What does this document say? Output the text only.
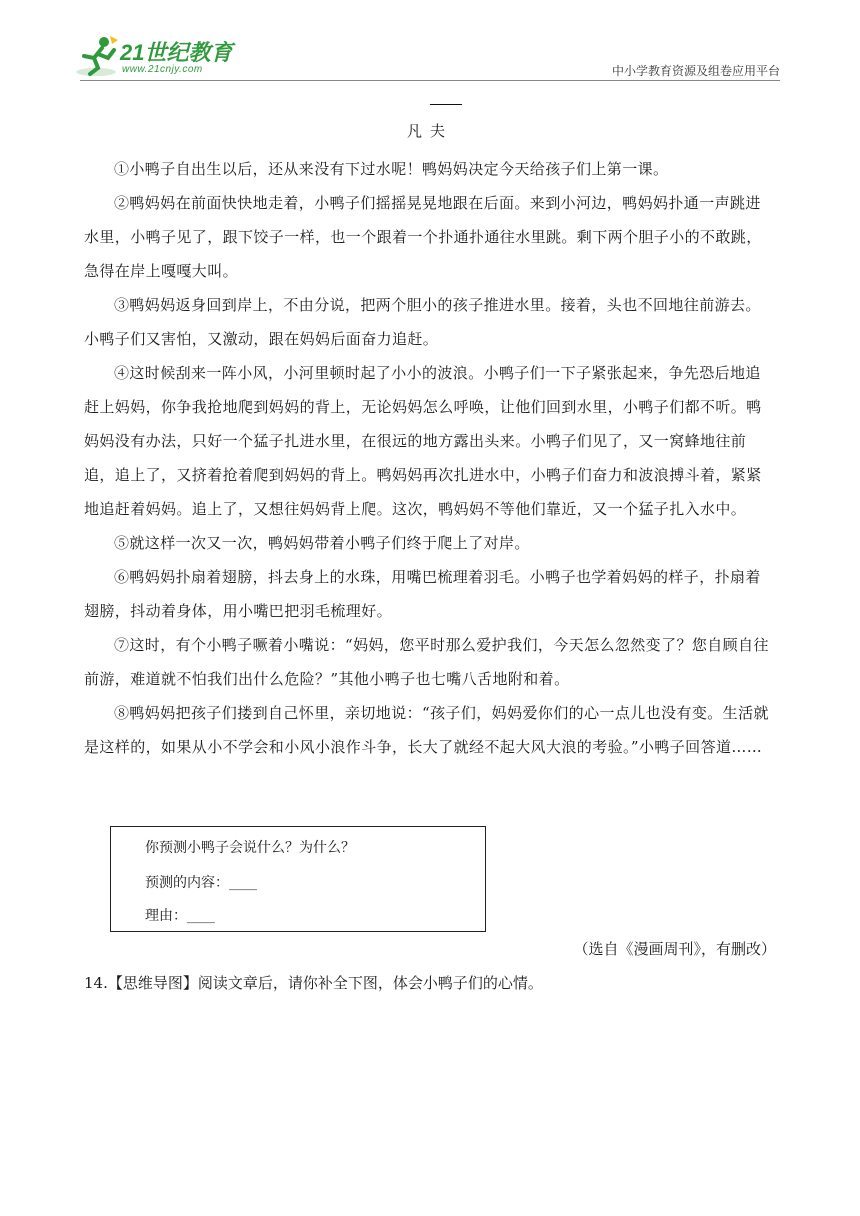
21世纪教育
www.21cnjy.com	中小学教育资源及组卷应用平台
凡夫

①小鸭子自出生以后，还从来没有下过水呢！鸭妈妈决定今天给孩子们上第一课。

②鸭妈妈在前面快快地走着，小鸭子们摇摇晃晃地跟在后面。来到小河边，鸭妈妈扑通一声跳进水里，小鸭子见了，跟下饺子一样，也一个跟着一个扑通扑通往水里跳。剩下两个胆子小的不敢跳，急得在岸上嘎嘎大叫。

③鸭妈妈返身回到岸上，不由分说，把两个胆小的孩子推进水里。接着，头也不回地往前游去。小鸭子们又害怕，又激动，跟在妈妈后面奋力追赶。

④这时候刮来一阵小风，小河里顿时起了小小的波浪。小鸭子们一下子紧张起来，争先恐后地追赶上妈妈，你争我抢地爬到妈妈的背上，无论妈妈怎么呼唤，让他们回到水里，小鸭子们都不听。鸭妈妈没有办法，只好一个猛子扎进水里，在很远的地方露出头来。小鸭子们见了，又一窝蜂地往前追，追上了，又挤着抢着爬到妈妈的背上。鸭妈妈再次扎进水中，小鸭子们奋力和波浪搏斗着，紧紧地追赶着妈妈。追上了，又想往妈妈背上爬。这次，鸭妈妈不等他们靠近，又一个猛子扎入水中。

⑤就这样一次又一次，鸭妈妈带着小鸭子们终于爬上了对岸。

⑥鸭妈妈扑扇着翅膀，抖去身上的水珠，用嘴巴梳理着羽毛。小鸭子也学着妈妈的样子，扑扇着翅膀，抖动着身体，用小嘴巴把羽毛梳理好。

⑦这时，有个小鸭子噘着小嘴说：“妈妈，您平时那么爱护我们，今天怎么忽然变了？您自顾自往前游，难道就不怕我们出什么危险？”其他小鸭子也七嘴八舌地附和着。

⑧鸭妈妈把孩子们搂到自己怀里，亲切地说：“孩子们，妈妈爱你们的心一点儿也没有变。生活就是这样的，如果从小不学会和小风小浪作斗争，长大了就经不起大风大浪的考验。”小鸭子回答道……

你预测小鸭子会说什么？为什么？
预测的内容：____
理由：____
（选自《漫画周刊》，有删改）
14.【思维导图】阅读文章后，请你补全下图，体会小鸭子们的心情。
